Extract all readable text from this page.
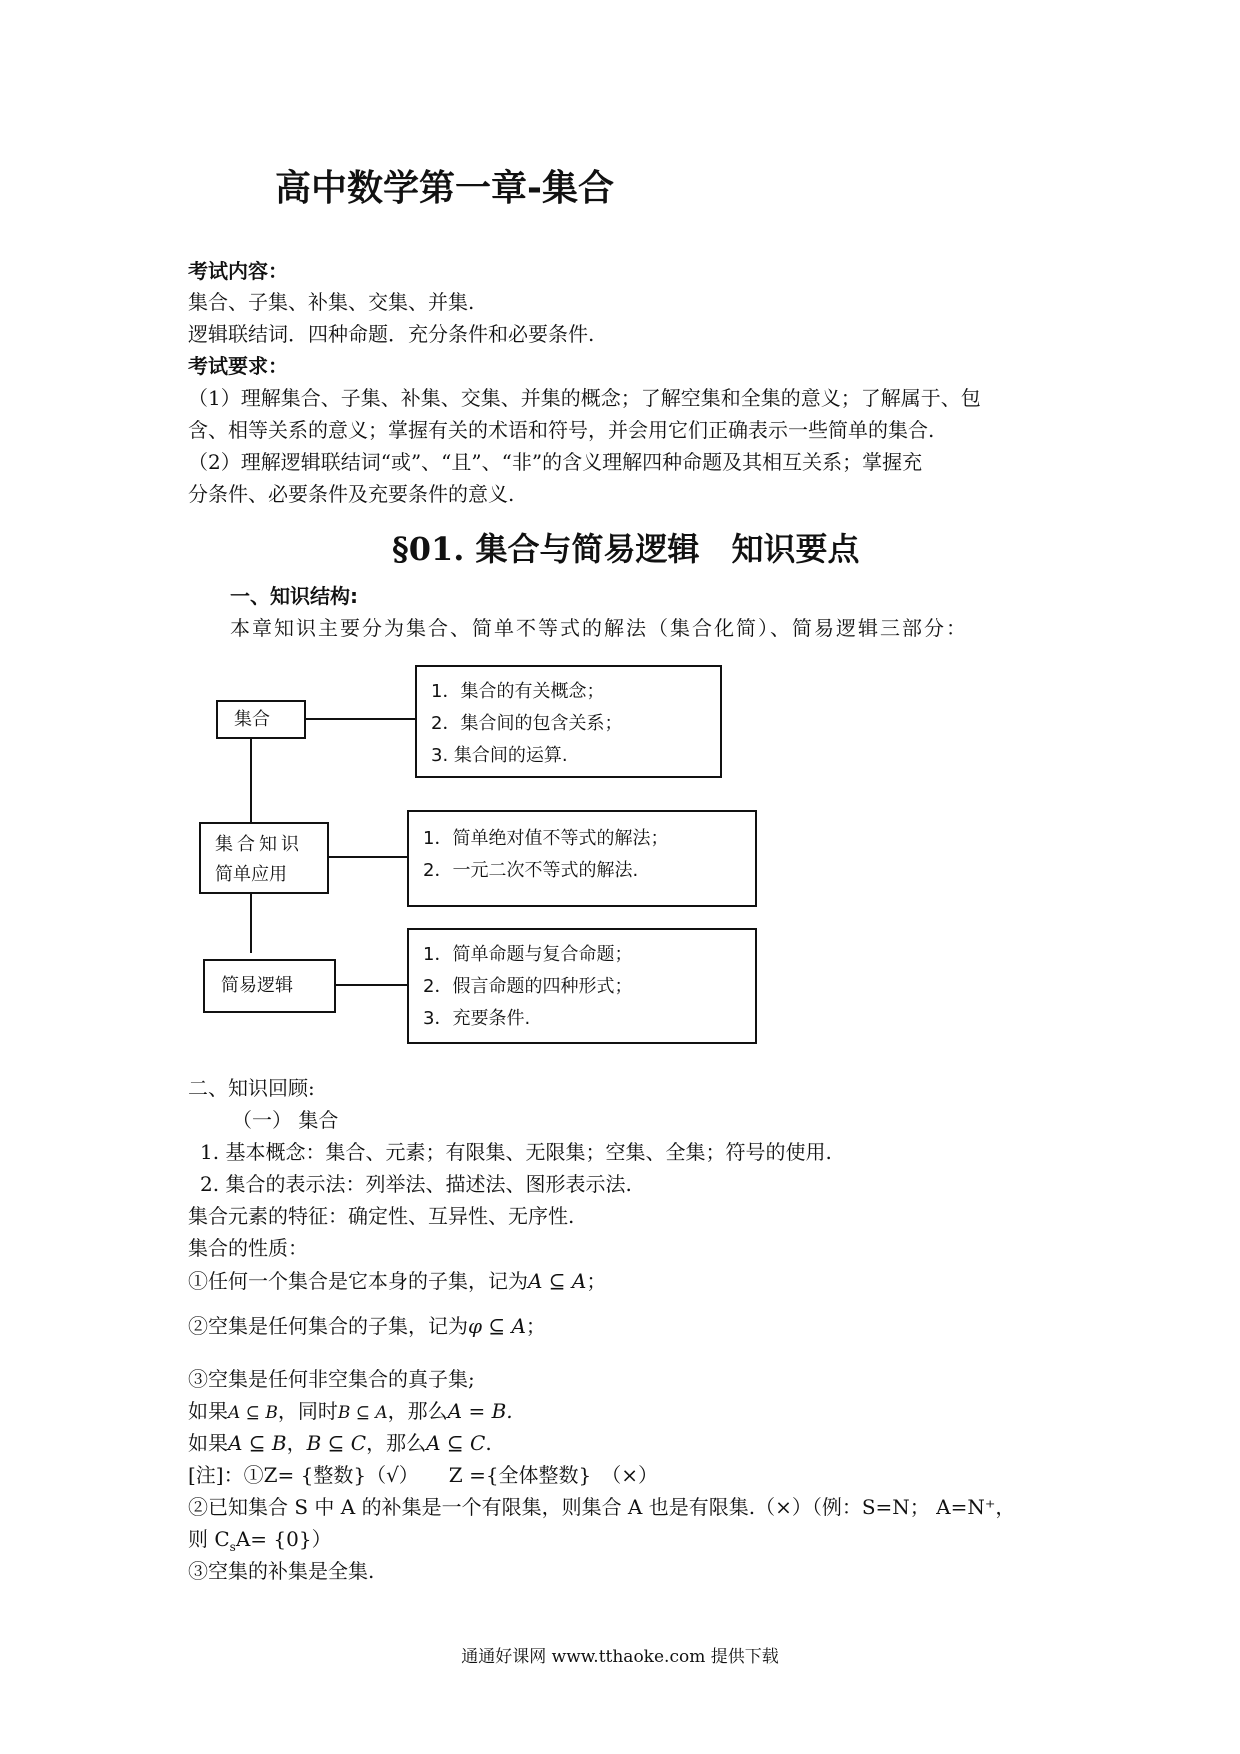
高中数学第一章-集合
考试内容：
集合、子集、补集、交集、并集.
逻辑联结词．四种命题．充分条件和必要条件.
考试要求：
（1）理解集合、子集、补集、交集、并集的概念；了解空集和全集的意义；了解属于、包
含、相等关系的意义；掌握有关的术语和符号，并会用它们正确表示一些简单的集合.
（2）理解逻辑联结词“或”、“且”、“非”的含义理解四种命题及其相互关系；掌握充
分条件、必要条件及充要条件的意义.
§01. 集合与简易逻辑　知识要点
一、知识结构:
本章知识主要分为集合、简单不等式的解法（集合化简）、简易逻辑三部分：
集合
1．集合的有关概念；
2．集合间的包含关系；
3. 集合间的运算.
集合知识
简单应用
1．简单绝对值不等式的解法；
2．一元二次不等式的解法.
简易逻辑
1．简单命题与复合命题；
2．假言命题的四种形式；
3．充要条件.
二、知识回顾:
（一） 集合
1. 基本概念：集合、元素；有限集、无限集；空集、全集；符号的使用.
2. 集合的表示法：列举法、描述法、图形表示法.
集合元素的特征：确定性、互异性、无序性.
集合的性质：
①任何一个集合是它本身的子集，记为A ⊆ A；
②空集是任何集合的子集，记为φ ⊆ A；
③空集是任何非空集合的真子集;
如果A ⊆ B，同时B ⊆ A，那么A = B.
如果A ⊆ B，B ⊆ C，那么A ⊆ C.
[注]：①Z= {整数}（√）　　Z ={全体整数}　（×）
②已知集合 S 中 A 的补集是一个有限集，则集合 A 也是有限集.（×）（例：S=N； A=N⁺，
则 $C_sA= \{0\}$）
③空集的补集是全集.
通通好课网 www.tthaoke.com 提供下载
